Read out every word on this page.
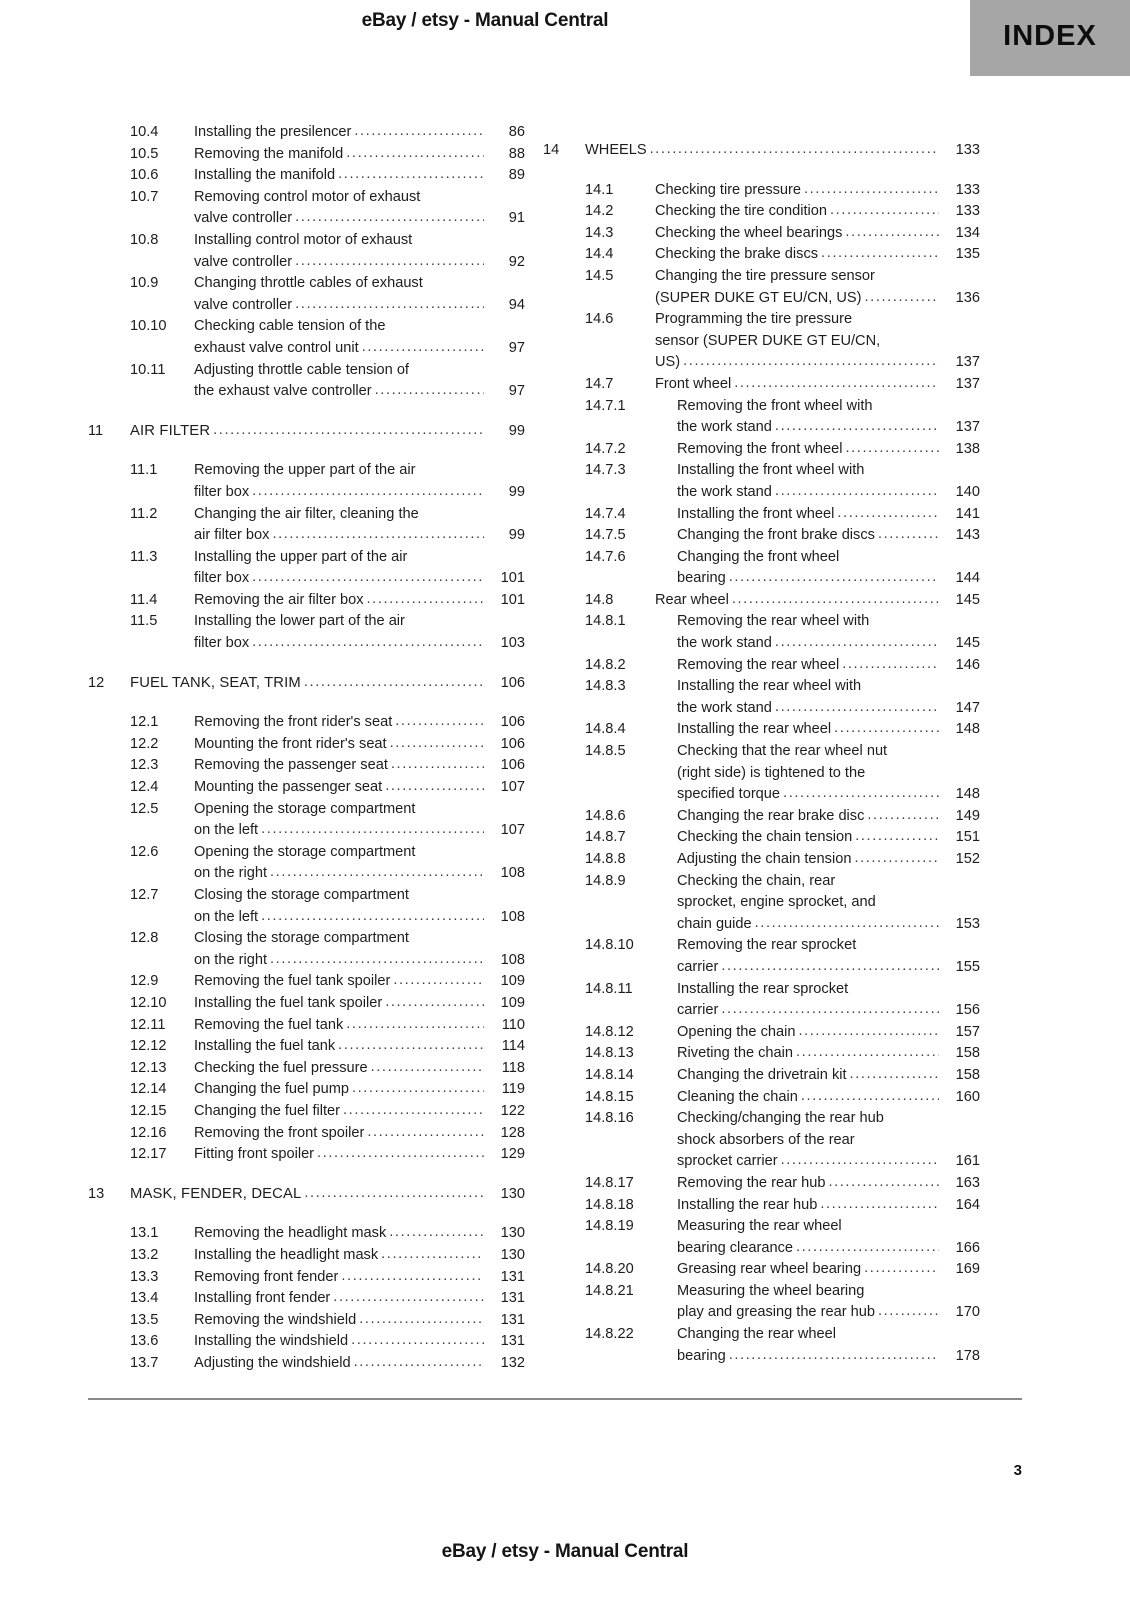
eBay / etsy - Manual Central	INDEX
10.4	Installing the presilencer .....	86
10.5	Removing the manifold .....	88
10.6	Installing the manifold .....	89
10.7	Removing control motor of exhaust
valve controller .....	91
10.8	Installing control motor of exhaust
valve controller .....	92
10.9	Changing throttle cables of exhaust
valve controller .....	94
10.10	Checking cable tension of the
exhaust valve control unit .....	97
10.11	Adjusting throttle cable tension of
the exhaust valve controller .....	97
11	AIR FILTER .....	99
11.1	Removing the upper part of the air
filter box .....	99
11.2	Changing the air filter, cleaning the
air filter box .....	99
11.3	Installing the upper part of the air
filter box .....	101
11.4	Removing the air filter box .....	101
11.5	Installing the lower part of the air
filter box .....	103
12	FUEL TANK, SEAT, TRIM .....	106
12.1	Removing the front rider's seat .....	106
12.2	Mounting the front rider's seat .....	106
12.3	Removing the passenger seat .....	106
12.4	Mounting the passenger seat .....	107
12.5	Opening the storage compartment
on the left .....	107
12.6	Opening the storage compartment
on the right .....	108
12.7	Closing the storage compartment
on the left .....	108
12.8	Closing the storage compartment
on the right .....	108
12.9	Removing the fuel tank spoiler .....	109
12.10	Installing the fuel tank spoiler .....	109
12.11	Removing the fuel tank .....	110
12.12	Installing the fuel tank .....	114
12.13	Checking the fuel pressure .....	118
12.14	Changing the fuel pump .....	119
12.15	Changing the fuel filter .....	122
12.16	Removing the front spoiler .....	128
12.17	Fitting front spoiler .....	129
13	MASK, FENDER, DECAL .....	130
13.1	Removing the headlight mask .....	130
13.2	Installing the headlight mask .....	130
13.3	Removing front fender .....	131
13.4	Installing front fender .....	131
13.5	Removing the windshield .....	131
13.6	Installing the windshield .....	131
13.7	Adjusting the windshield .....	132
14	WHEELS .....	133
14.1	Checking tire pressure .....	133
14.2	Checking the tire condition .....	133
14.3	Checking the wheel bearings .....	134
14.4	Checking the brake discs .....	135
14.5	Changing the tire pressure sensor
(SUPER DUKE GT EU/CN, US) .....	136
14.6	Programming the tire pressure
sensor (SUPER DUKE GT EU/CN,
US) .....	137
14.7	Front wheel .....	137
14.7.1	Removing the front wheel with
the work stand .....	137
14.7.2	Removing the front wheel .....	138
14.7.3	Installing the front wheel with
the work stand .....	140
14.7.4	Installing the front wheel .....	141
14.7.5	Changing the front brake discs .....	143
14.7.6	Changing the front wheel
bearing .....	144
14.8	Rear wheel .....	145
14.8.1	Removing the rear wheel with
the work stand .....	145
14.8.2	Removing the rear wheel .....	146
14.8.3	Installing the rear wheel with
the work stand .....	147
14.8.4	Installing the rear wheel .....	148
14.8.5	Checking that the rear wheel nut
(right side) is tightened to the
specified torque .....	148
14.8.6	Changing the rear brake disc .....	149
14.8.7	Checking the chain tension .....	151
14.8.8	Adjusting the chain tension .....	152
14.8.9	Checking the chain, rear
sprocket, engine sprocket, and
chain guide .....	153
14.8.10	Removing the rear sprocket
carrier .....	155
14.8.11	Installing the rear sprocket
carrier .....	156
14.8.12	Opening the chain .....	157
14.8.13	Riveting the chain .....	158
14.8.14	Changing the drivetrain kit .....	158
14.8.15	Cleaning the chain .....	160
14.8.16	Checking/changing the rear hub
shock absorbers of the rear
sprocket carrier .....	161
14.8.17	Removing the rear hub .....	163
14.8.18	Installing the rear hub .....	164
14.8.19	Measuring the rear wheel
bearing clearance .....	166
14.8.20	Greasing rear wheel bearing .....	169
14.8.21	Measuring the wheel bearing
play and greasing the rear hub .....	170
14.8.22	Changing the rear wheel
bearing .....	178
3
eBay / etsy - Manual Central
